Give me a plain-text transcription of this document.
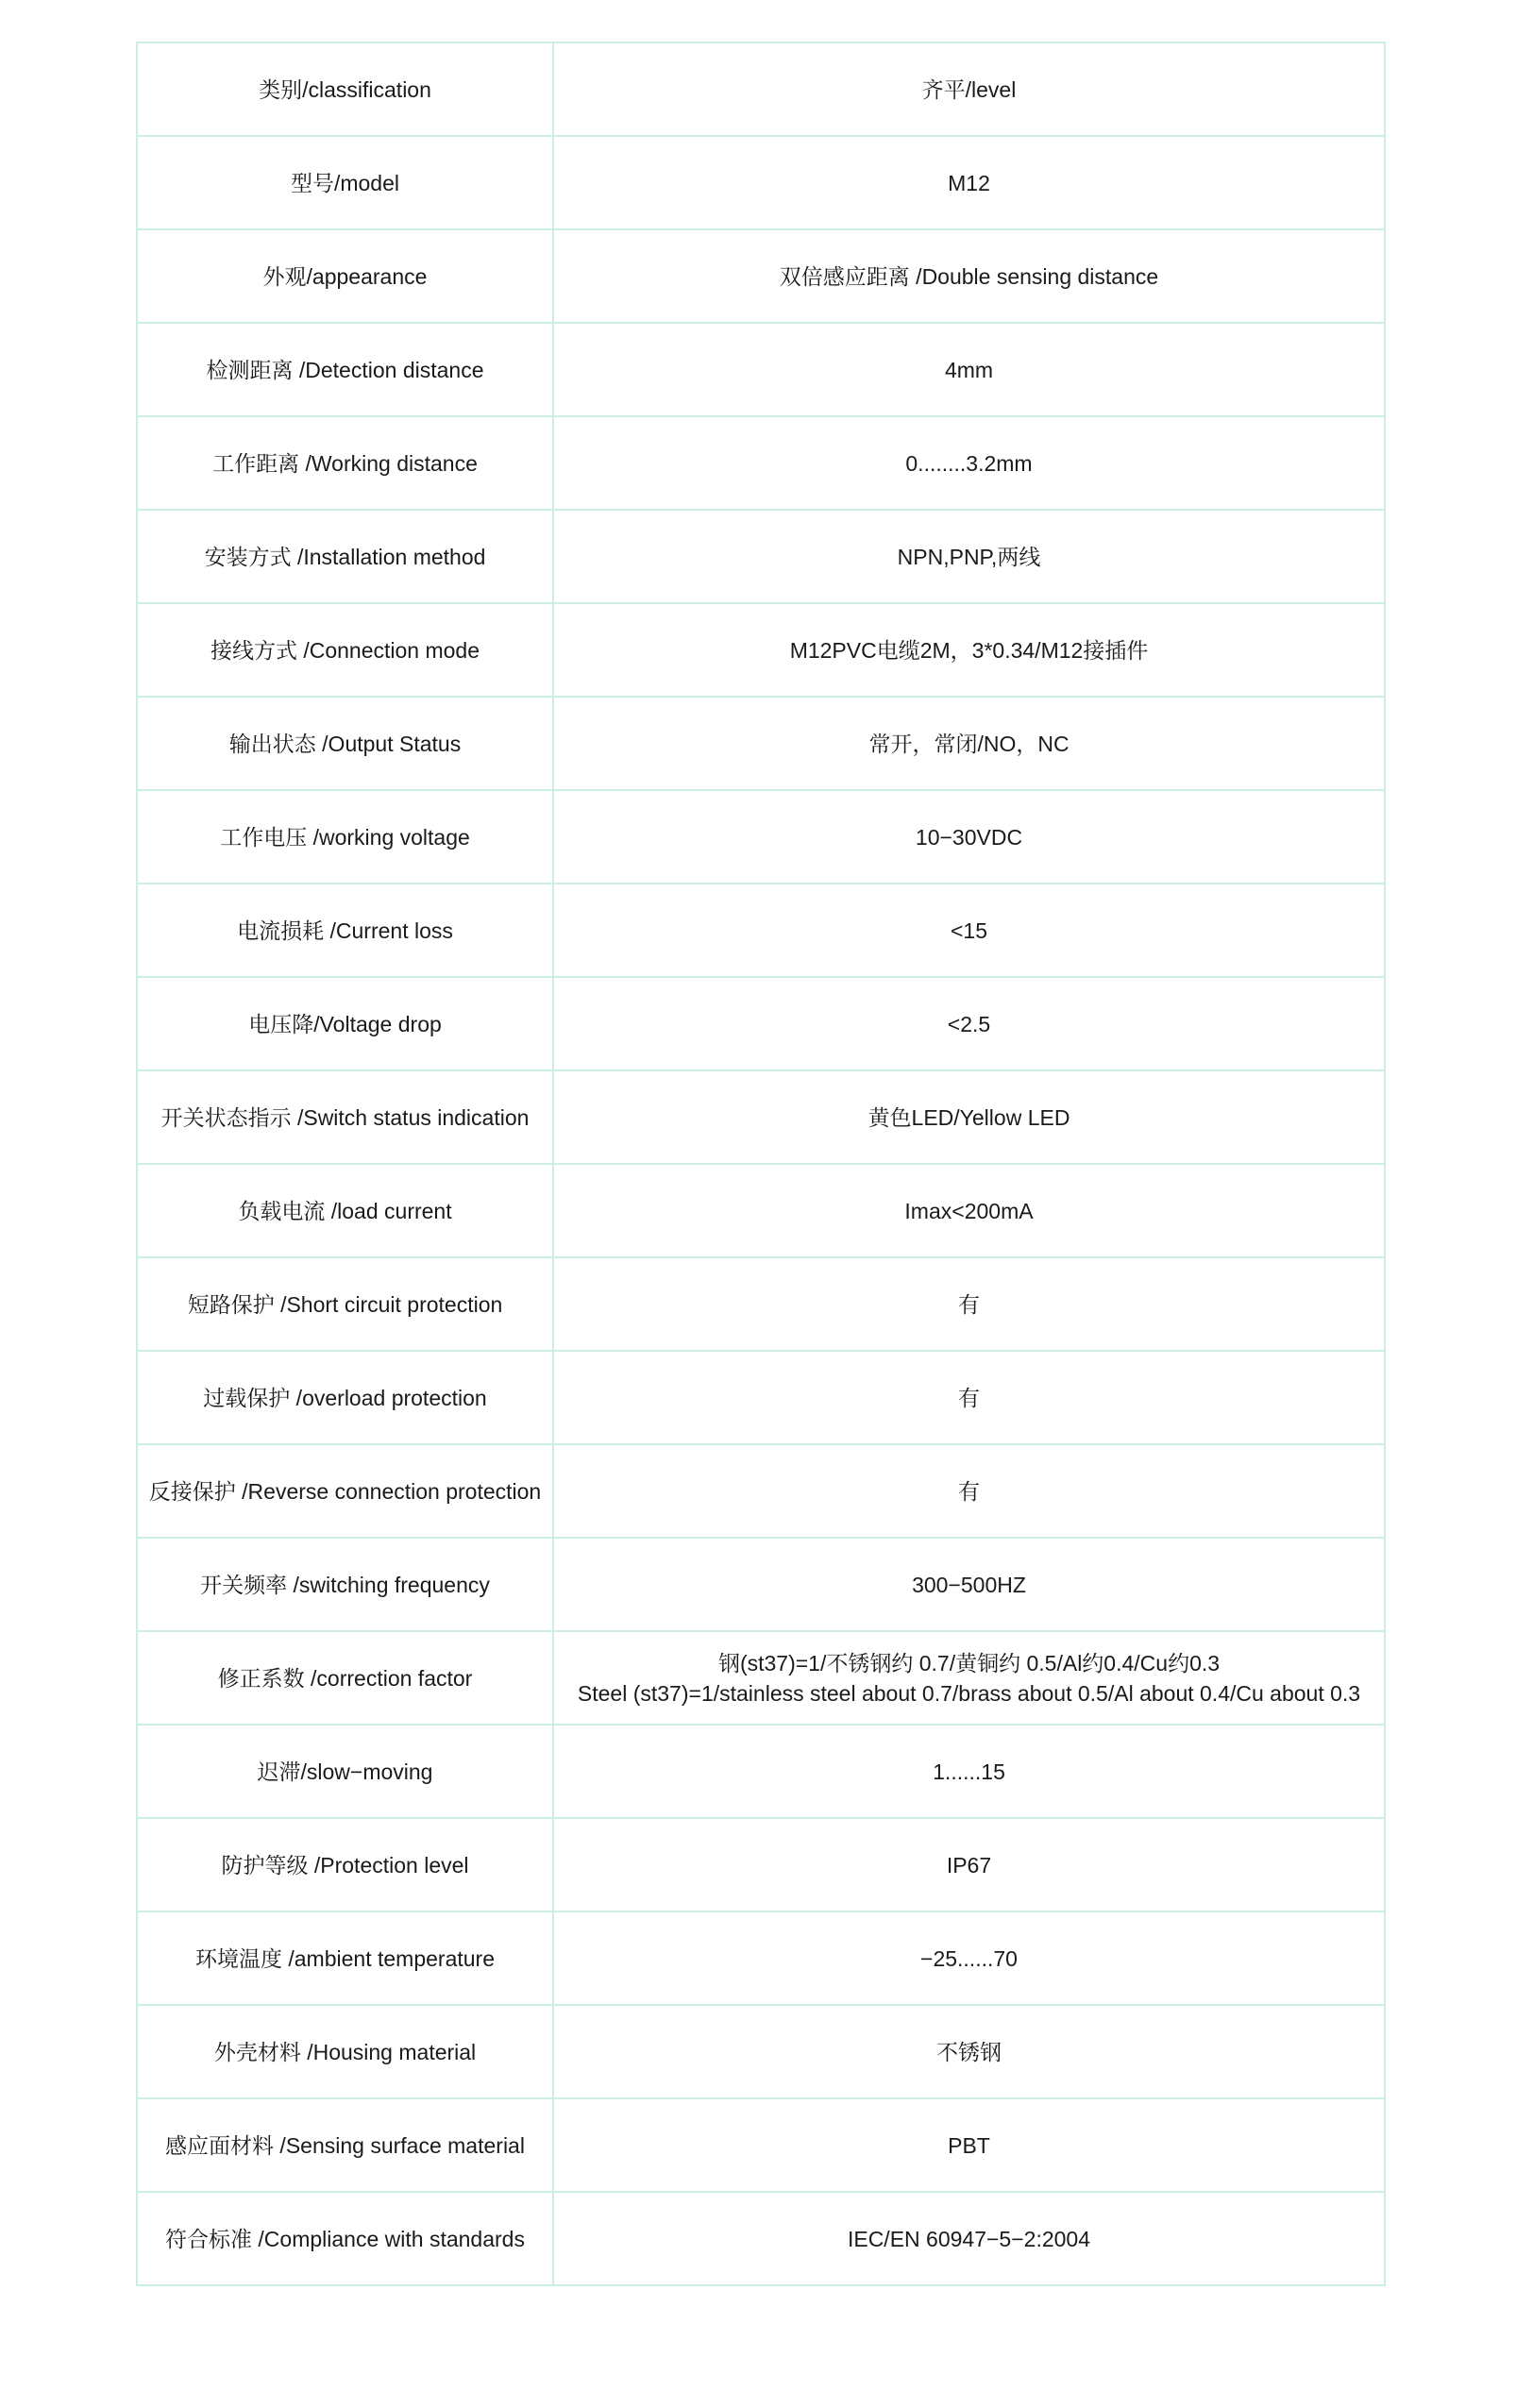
类别/classification	齐平/level

型号/model	M12

外观/appearance	双倍感应距离 /Double sensing distance

检测距离 /Detection distance	4mm

工作距离 /Working distance	0........3.2mm

安装方式 /Installation method	NPN,PNP,两线

接线方式 /Connection mode	M12PVC电缆2M，3*0.34/M12接插件

输出状态 /Output Status	常开，常闭/NO，NC

工作电压 /working voltage	10−30VDC

电流损耗 /Current loss	<15

电压降/Voltage drop	<2.5

开关状态指示 /Switch status indication	黄色LED/Yellow LED

负载电流 /load current	Imax<200mA

短路保护 /Short circuit protection	有

过载保护 /overload protection	有

反接保护 /Reverse connection protection	有

开关频率 /switching frequency	300−500HZ

修正系数 /correction factor	钢(st37)=1/不锈钢约 0.7/黄铜约 0.5/Al约0.4/Cu约0.3
Steel (st37)=1/stainless steel about 0.7/brass about 0.5/Al about 0.4/Cu about 0.3

迟滞/slow−moving	1......15

防护等级 /Protection level	IP67

环境温度 /ambient temperature	−25......70

外壳材料 /Housing material	不锈钢

感应面材料 /Sensing surface material	PBT

符合标准 /Compliance with standards	IEC/EN 60947−5−2:2004
